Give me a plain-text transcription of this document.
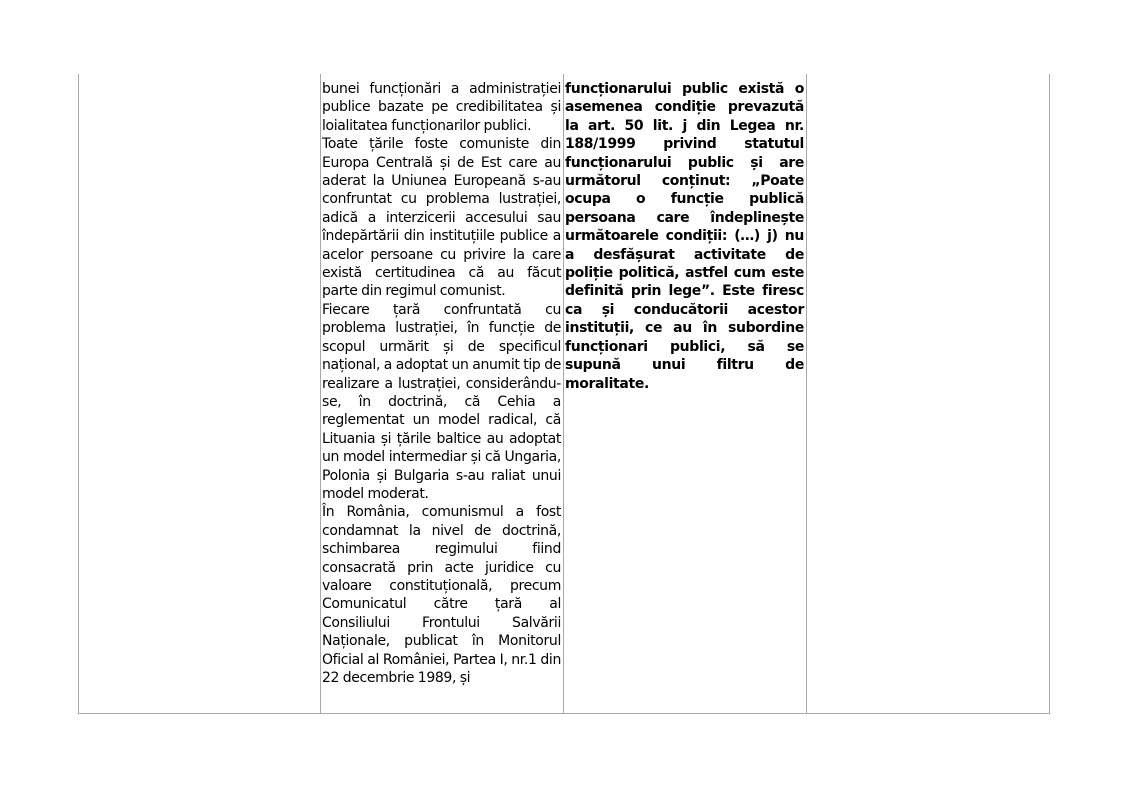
bunei funcționări a administrației publice bazate pe credibilitatea și loialitatea funcționarilor publici.

Toate țările foste comuniste din Europa Centrală și de Est care au aderat la Uniunea Europeană s-au confruntat cu problema lustrației, adică a interzicerii accesului sau îndepărtării din instituțiile publice a acelor persoane cu privire la care există certitudinea că au făcut parte din regimul comunist.

Fiecare țară confruntată cu problema lustrației, în funcție de scopul urmărit și de specificul național, a adoptat un anumit tip de realizare a lustrației, considerându-se, în doctrină, că Cehia a reglementat un model radical, că Lituania și țările baltice au adoptat un model intermediar și că Ungaria, Polonia și Bulgaria s-au raliat unui model moderat.

În România, comunismul a fost condamnat la nivel de doctrină, schimbarea regimului fiind consacrată prin acte juridice cu valoare constituțională, precum Comunicatul către țară al Consiliului Frontului Salvării Naționale, publicat în Monitorul Oficial al României, Partea I, nr.1 din 22 decembrie 1989, și

funcționarului public există o asemenea condiție prevazută la art. 50 lit. j din Legea nr. 188/1999 privind statutul funcționarului public și are următorul conținut: „Poate ocupa o funcție publică persoana care îndeplinește următoarele condiții: (…) j) nu a desfășurat activitate de poliție politică, astfel cum este definită prin lege”. Este firesc ca și conducătorii acestor instituții, ce au în subordine funcționari publici, să se supună unui filtru de moralitate.
